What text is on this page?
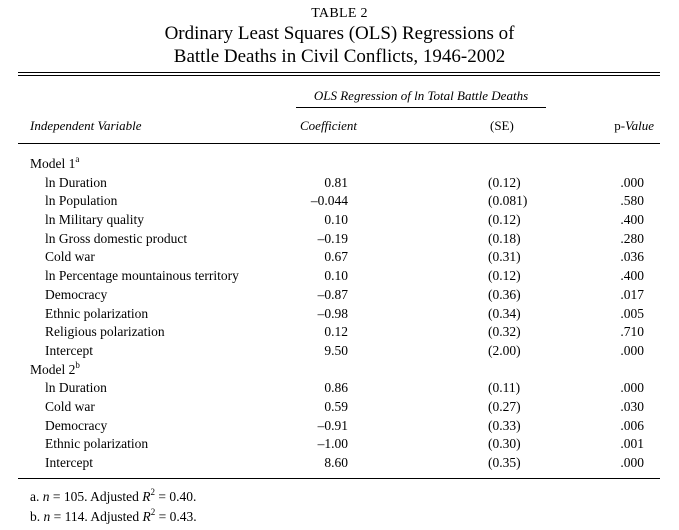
TABLE 2
Ordinary Least Squares (OLS) Regressions of
Battle Deaths in Civil Conflicts, 1946-2002
OLS Regression of ln Total Battle Deaths
Independent Variable	Coefficient	(SE)	p-Value
Model 1$^a$
ln Duration	0.81	(0.12)	.000
ln Population	–0.044	(0.081)	.580
ln Military quality	0.10	(0.12)	.400
ln Gross domestic product	–0.19	(0.18)	.280
Cold war	0.67	(0.31)	.036
ln Percentage mountainous territory	0.10	(0.12)	.400
Democracy	–0.87	(0.36)	.017
Ethnic polarization	–0.98	(0.34)	.005
Religious polarization	0.12	(0.32)	.710
Intercept	9.50	(2.00)	.000
Model 2$^b$
ln Duration	0.86	(0.11)	.000
Cold war	0.59	(0.27)	.030
Democracy	–0.91	(0.33)	.006
Ethnic polarization	–1.00	(0.30)	.001
Intercept	8.60	(0.35)	.000
a. n = 105. Adjusted $R^2 = 0.40$.
b. n = 114. Adjusted $R^2 = 0.43$.
